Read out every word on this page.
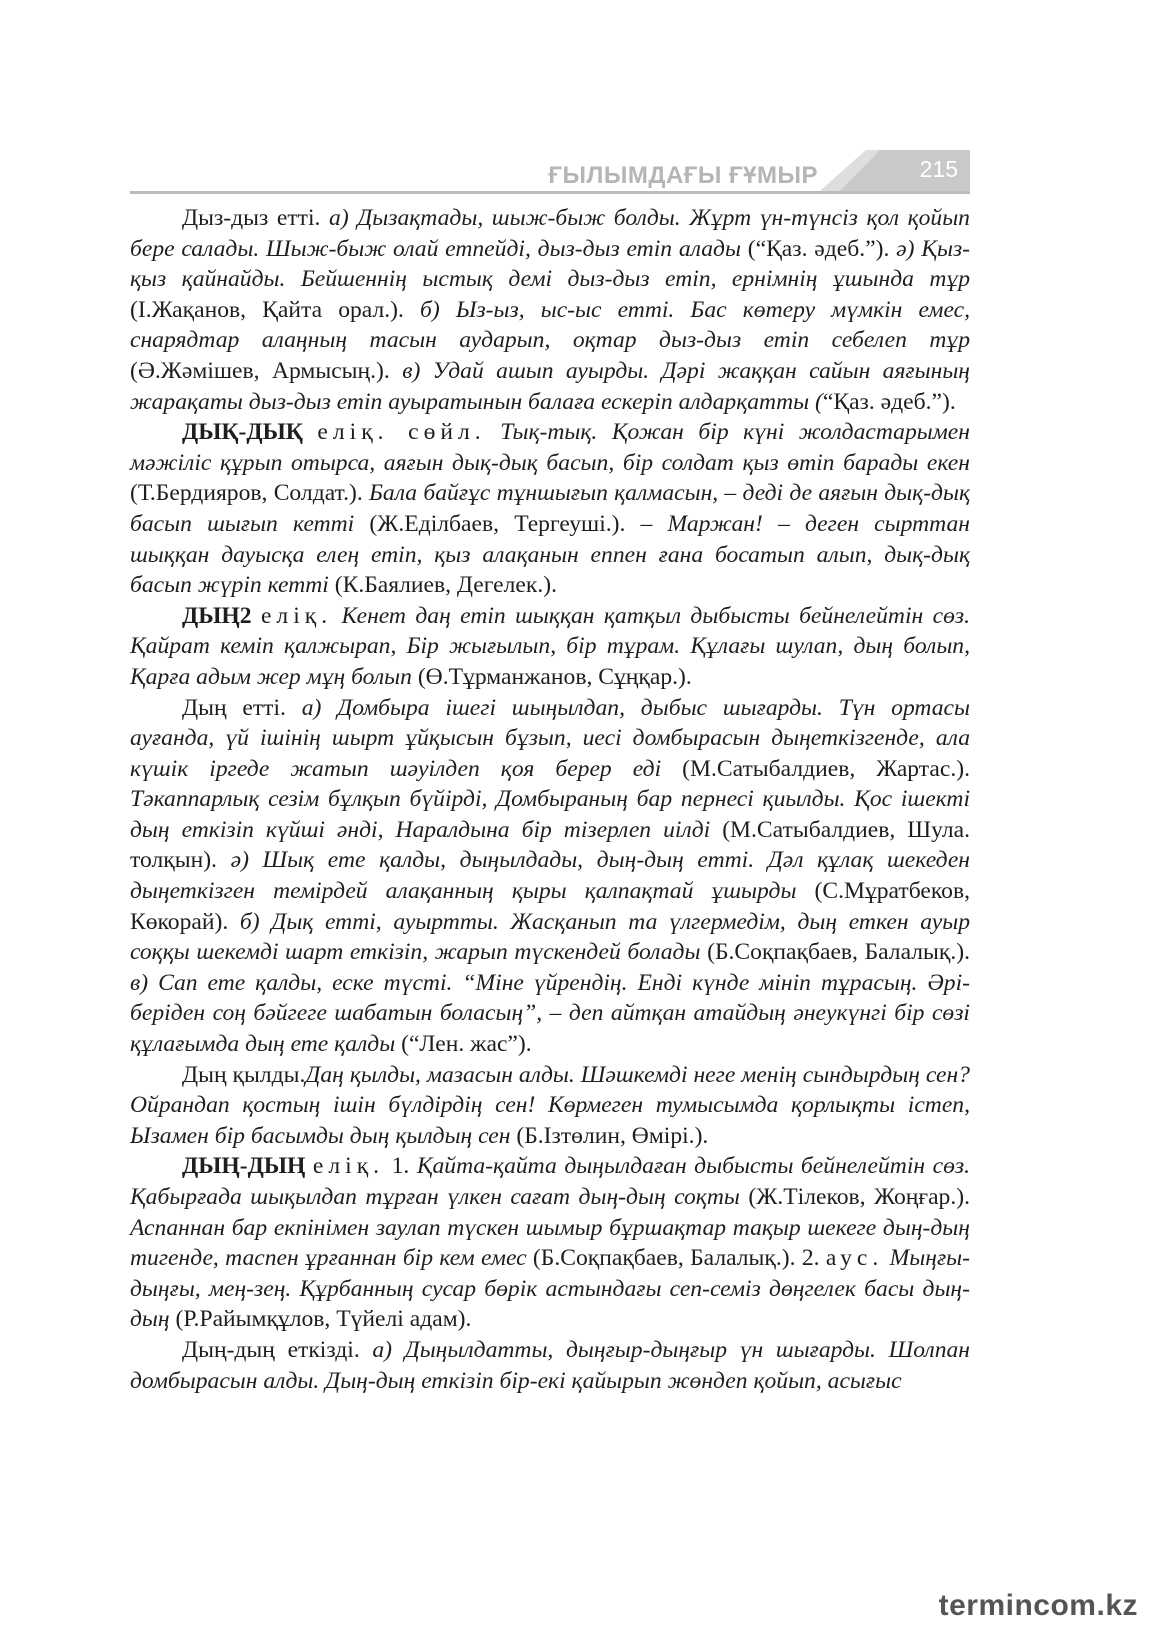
ҒЫЛЫМДАҒЫ ҒҰМЫР	215

Дыз-дыз етті. а) Дызақтады, шыж-быж болды. Жұрт үн-түнсіз қол қойып бере салады. Шыж-быж олай етпейді, дыз-дыз етіп алады (“Қаз. әдеб.”). ә) Қыз-қыз қайнайды. Бейшеннің ыстық демі дыз-дыз етіп, ернімнің ұшында тұр (І.Жақанов, Қайта орал.). б) Ыз-ыз, ыс-ыс етті. Бас көтеру мүмкін емес, снарядтар алаңның тасын аударып, оқтар дыз-дыз етіп себелеп тұр (Ә.Жәмішев, Армысың.). в) Удай ашып ауырды. Дәрі жаққан сайын аяғының жарақаты дыз-дыз етіп ауыратынын балаға ескеріп алдарқатты (“Қаз. әдеб.”).

ДЫҚ-ДЫҚ еліқ. сөйл. Тық-тық. Қожан бір күні жолдастарымен мәжіліс құрып отырса, аяғын дық-дық басып, бір солдат қыз өтіп барады екен (Т.Бердияров, Солдат.). Бала байғұс тұншығып қалмасын, – деді де аяғын дық-дық басып шығып кетті (Ж.Еділбаев, Тергеуші.). – Маржан! – деген сырттан шыққан дауысқа елең етіп, қыз алақанын еппен ғана босатып алып, дық-дық басып жүріп кетті (К.Баялиев, Дегелек.).

ДЫҢ2 еліқ. Кенет даң етіп шыққан қатқыл дыбысты бейнелейтін сөз. Қайрат кеміп қалжырап, Бір жығылып, бір тұрам. Құлағы шулап, дың болып, Қарға адым жер мұң болып (Ө.Тұрманжанов, Сұңқар.).

Дың етті. а) Домбыра ішегі шыңылдап, дыбыс шығарды. Түн ортасы ауғанда, үй ішінің шырт ұйқысын бұзып, иесі домбырасын дыңеткізгенде, ала күшік іргеде жатып шәуілдеп қоя берер еді (М.Сатыбалдиев, Жартас.). Тәкаппарлық сезім бұлқып бүйірді, Домбыраның бар пернесі қиылды. Қос ішекті дың еткізіп күйші әнді, Наралдына бір тізерлеп иілді (М.Сатыбалдиев, Шула. толқын). ә) Шық ете қалды, дыңылдады, дың-дың етті. Дәл құлақ шекеден дыңеткізген темірдей алақанның қыры қалпақтай ұшырды (С.Мұратбеков, Көкорай). б) Дық етті, ауыртты. Жасқанып та үлгермедім, дың еткен ауыр соққы шекемді шарт еткізіп, жарып түскендей болады (Б.Соқпақбаев, Балалық.). в) Сап ете қалды, еске түсті. “Міне үйрендің. Енді күнде мініп тұрасың. Әрі-беріден соң бәйгеге шабатын боласың”, – деп айтқан атайдың әнеукүнгі бір сөзі құлағымда дың ете қалды (“Лен. жас”).

Дың қылды.Даң қылды, мазасын алды. Шәшкемді неге менің сындырдың сен? Ойрандап қостың ішін бүлдірдің сен! Көрмеген тумысымда қорлықты істеп, Ызамен бір басымды дың қылдың сен (Б.Ізтөлин, Өмірі.).

ДЫҢ-ДЫҢ еліқ. 1. Қайта-қайта дыңылдаған дыбысты бейнелейтін сөз. Қабырғада шықылдап тұрған үлкен сағат дың-дың соқты (Ж.Тілеков, Жоңғар.). Аспаннан бар екпінімен заулап түскен шымыр бұршақтар тақыр шекеге дың-дың тигенде, таспен ұрғаннан бір кем емес (Б.Соқпақбаев, Балалық.). 2. аус. Мыңғы-дыңғы, мең-зең. Құрбанның сусар бөрік астындағы сеп-семіз дөңгелек басы дың-дың (Р.Райымқұлов, Түйелі адам).

Дың-дың еткізді. а) Дыңылдатты, дыңғыр-дыңғыр үн шығарды. Шолпан домбырасын алды. Дың-дың еткізіп бір-екі қайырып жөндеп қойып, асығыс

termincom.kz
